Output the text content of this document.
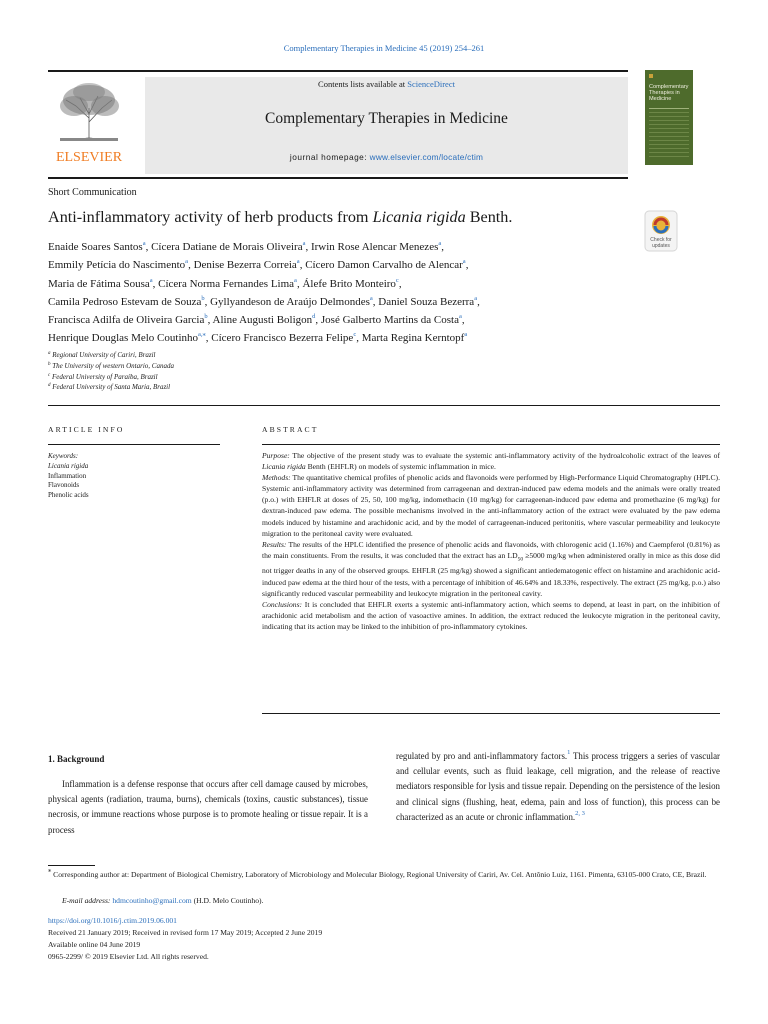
Complementary Therapies in Medicine 45 (2019) 254–261
ELSEVIER
Contents lists available at ScienceDirect
Complementary Therapies in Medicine
journal homepage: www.elsevier.com/locate/ctim
Complementary Therapies in Medicine
Short Communication
Anti-inflammatory activity of herb products from Licania rigida Benth.
Check for
updates
Enaide Soares Santos$^a$, Cícera Datiane de Morais Oliveira$^a$, Irwin Rose Alencar Menezes$^a$,
Emmily Petícia do Nascimento$^a$, Denise Bezerra Correia$^a$, Cícero Damon Carvalho de Alencar$^a$,
Maria de Fátima Sousa$^a$, Cícera Norma Fernandes Lima$^a$, Álefe Brito Monteiro$^c$,
Camila Pedroso Estevam de Souza$^b$, Gyllyandeson de Araújo Delmondes$^a$, Daniel Souza Bezerra$^a$,
Francisca Adilfa de Oliveira Garcia$^b$, Aline Augusti Boligon$^d$, José Galberto Martins da Costa$^a$,
Henrique Douglas Melo Coutinho$^{a,⁎}$, Cícero Francisco Bezerra Felipe$^c$, Marta Regina Kerntopf$^a$
$^a$ Regional University of Cariri, Brazil
$^b$ The University of western Ontario, Canada
$^c$ Federal University of Paraíba, Brazil
$^d$ Federal University of Santa Maria, Brazil
ARTICLE INFO
Keywords:
Licania rigida
Inflammation
Flavonoids
Phenolic acids
ABSTRACT

Purpose: The objective of the present study was to evaluate the systemic anti-inflammatory activity of the hydroalcoholic extract of the leaves of Licania rigida Benth (EHFLR) on models of systemic inflammation in mice.

Methods: The quantitative chemical profiles of phenolic acids and flavonoids were performed by High-Performance Liquid Chromatography (HPLC). Systemic anti-inflammatory activity was determined from carrageenan and dextran-induced paw edema models and the animals were orally treated (p.o.) with EHFLR at doses of 25, 50, 100 mg/kg, indomethacin (10 mg/kg) for carrageenan-induced paw edema and promethazine (6 mg/kg) for dextran-induced paw edema. The possible mechanisms involved in the anti-inflammatory action of the extract were evaluated by the paw edema models induced by histamine and arachidonic acid, and by the model of carrageenan-induced peritonitis, where vascular permeability and leukocyte migration to the peritoneal cavity were evaluated.

Results: The results of the HPLC identified the presence of phenolic acids and flavonoids, with chlorogenic acid (1.16%) and Caempferol (0.81%) as the main constituents. From the results, it was concluded that the extract has an $LD_{50} \ge 5000$ mg/kg when administered orally in mice as this dose did not trigger deaths in any of the observed groups. EHFLR (25 mg/kg) showed a significant antiedematogenic effect on histamine and arachidonic acid-induced paw edema at the third hour of the tests, with a percentage of inhibition of 46.64% and 18.33%, respectively. The extract (25 mg/kg, p.o.) also significantly reduced vascular permeability and leukocyte migration in the peritoneal cavity.

Conclusions: It is concluded that EHFLR exerts a systemic anti-inflammatory action, which seems to depend, at least in part, on the inhibition of arachidonic acid metabolism and the action of vasoactive amines. In addition, the extract reduced the leukocyte migration in the peritoneal cavity, indicating that its action may be linked to the inhibition of pro-inflammatory cytokines.

1. Background

Inflammation is a defense response that occurs after cell damage caused by microbes, physical agents (radiation, trauma, burns), chemicals (toxins, caustic substances), tissue necrosis, or immune reactions whose purpose is to promote healing or tissue repair. It is a process

regulated by pro and anti-inflammatory factors.$^1$ This process triggers a series of vascular and cellular events, such as fluid leakage, cell migration, and the release of reactive mediators responsible for lysis and tissue repair. Depending on the persistence of the lesion and clinical signs (flushing, heat, edema, pain and loss of function), this process can be characterized as an acute or chronic inflammation.$^{2, 3}$

⁎ Corresponding author at: Department of Biological Chemistry, Laboratory of Microbiology and Molecular Biology, Regional University of Cariri, Av. Cel. Antônio Luiz, 1161. Pimenta, 63105-000 Crato, CE, Brazil.
E-mail address: hdmcoutinho@gmail.com (H.D. Melo Coutinho).
https://doi.org/10.1016/j.ctim.2019.06.001
Received 21 January 2019; Received in revised form 17 May 2019; Accepted 2 June 2019
Available online 04 June 2019
0965-2299/ © 2019 Elsevier Ltd. All rights reserved.
